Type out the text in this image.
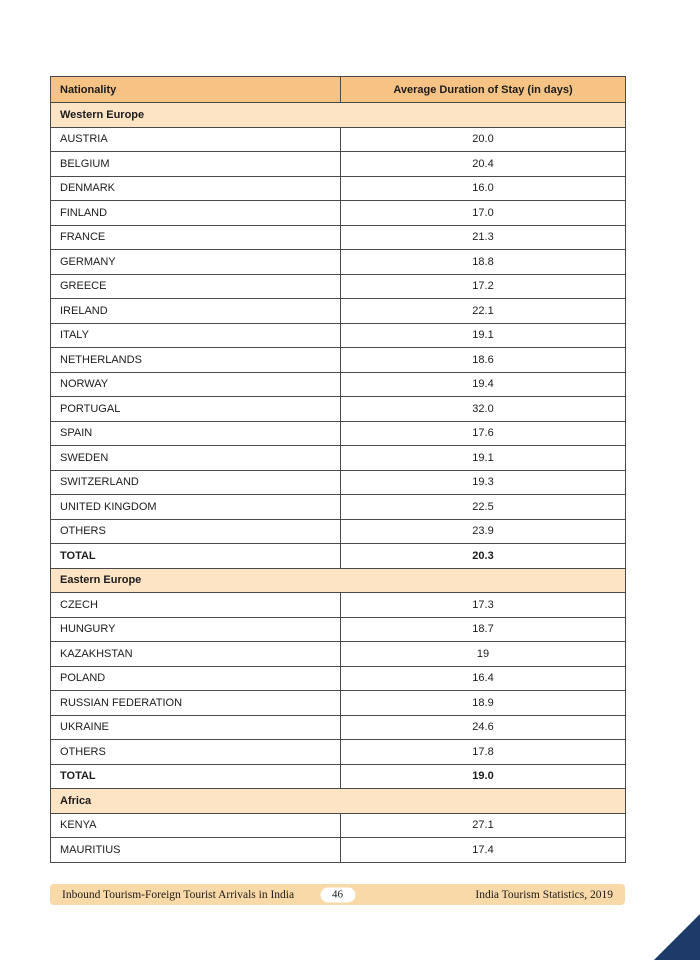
Nationality	Average Duration of Stay (in days)
Western Europe	
AUSTRIA	20.0
BELGIUM	20.4
DENMARK	16.0
FINLAND	17.0
FRANCE	21.3
GERMANY	18.8
GREECE	17.2
IRELAND	22.1
ITALY	19.1
NETHERLANDS	18.6
NORWAY	19.4
PORTUGAL	32.0
SPAIN	17.6
SWEDEN	19.1
SWITZERLAND	19.3
UNITED KINGDOM	22.5
OTHERS	23.9
TOTAL	20.3
Eastern Europe	
CZECH	17.3
HUNGURY	18.7
KAZAKHSTAN	19
POLAND	16.4
RUSSIAN FEDERATION	18.9
UKRAINE	24.6
OTHERS	17.8
TOTAL	19.0
Africa	
KENYA	27.1
MAURITIUS	17.4
Inbound Tourism-Foreign Tourist Arrivals in India	46	India Tourism Statistics, 2019
